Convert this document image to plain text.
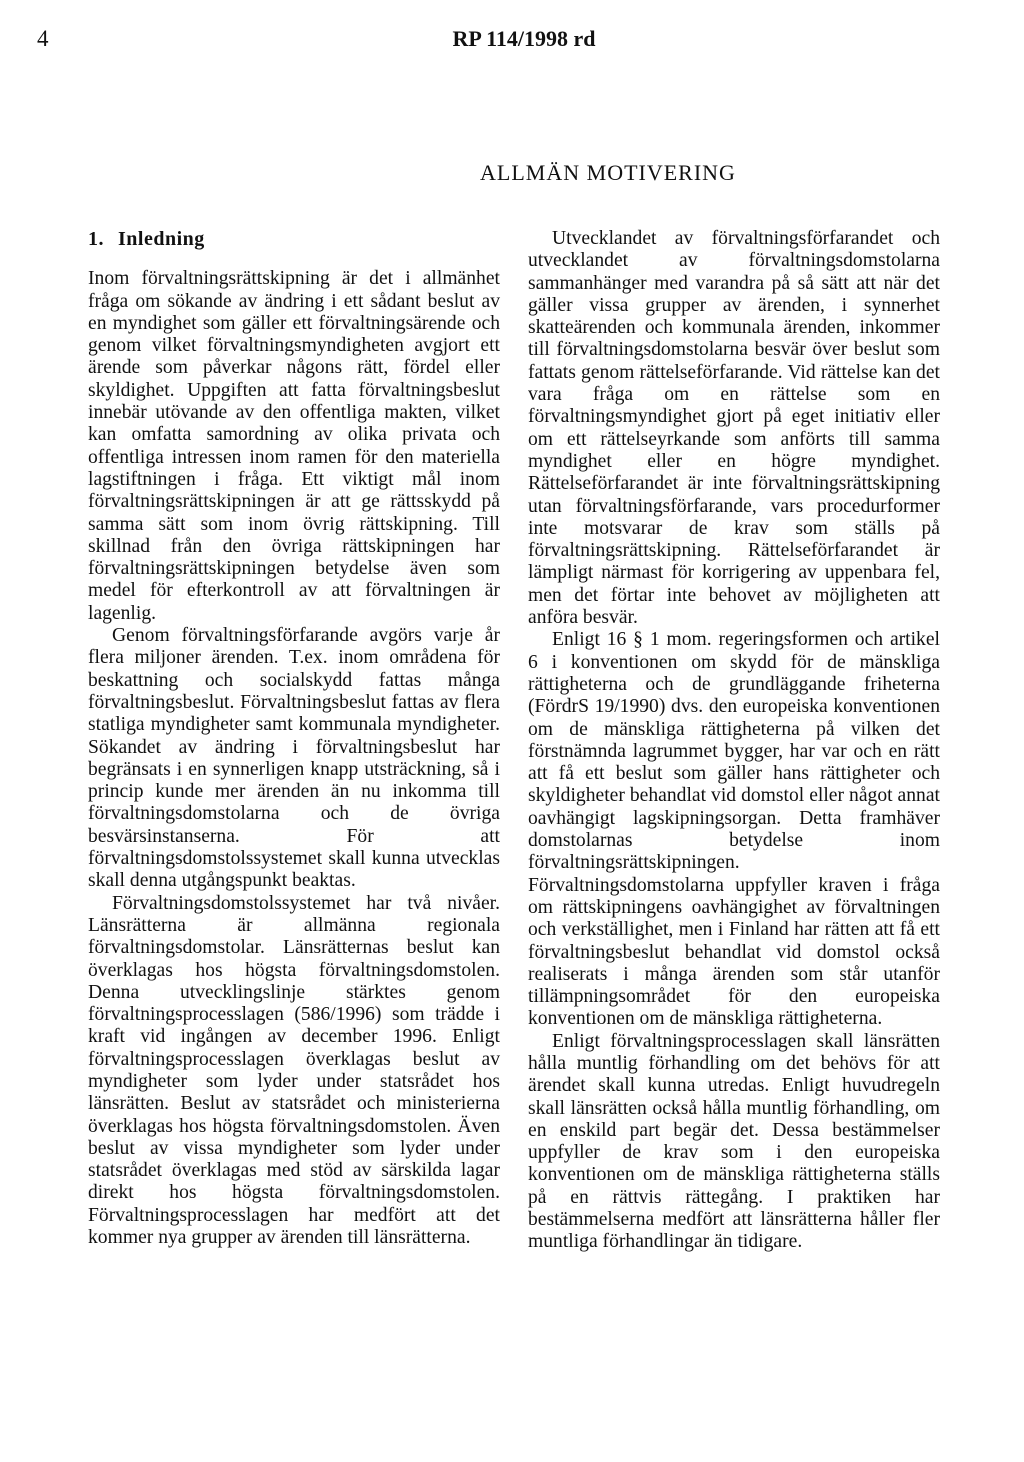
4	RP 114/1998 rd
ALLMÄN MOTIVERING
1. Inledning

Inom förvaltningsrättskipning är det i allmänhet fråga om sökande av ändring i ett sådant beslut av en myndighet som gäller ett förvaltningsärende och genom vilket förvaltningsmyndigheten avgjort ett ärende som påverkar någons rätt, fördel eller skyldighet. Uppgiften att fatta förvaltningsbeslut innebär utövande av den offentliga makten, vilket kan omfatta samordning av olika privata och offentliga intressen inom ramen för den materiella lagstiftningen i fråga. Ett viktigt mål inom förvaltningsrättskipningen är att ge rättsskydd på samma sätt som inom övrig rättskipning. Till skillnad från den övriga rättskipningen har förvaltningsrättskipningen betydelse även som medel för efterkontroll av att förvaltningen är lagenlig.

Genom förvaltningsförfarande avgörs varje år flera miljoner ärenden. T.ex. inom områdena för beskattning och socialskydd fattas många förvaltningsbeslut. Förvaltningsbeslut fattas av flera statliga myndigheter samt kommunala myndigheter. Sökandet av ändring i förvaltningsbeslut har begränsats i en synnerligen knapp utsträckning, så i princip kunde mer ärenden än nu inkomma till förvaltningsdomstolarna och de övriga besvärsinstanserna. För att förvaltningsdomstolssystemet skall kunna utvecklas skall denna utgångspunkt beaktas.

Förvaltningsdomstolssystemet har två nivåer. Länsrätterna är allmänna regionala förvaltningsdomstolar. Länsrätternas beslut kan överklagas hos högsta förvaltningsdomstolen. Denna utvecklingslinje stärktes genom förvaltningsprocesslagen (586/1996) som trädde i kraft vid ingången av december 1996. Enligt förvaltningsprocesslagen överklagas beslut av myndigheter som lyder under statsrådet hos länsrätten. Beslut av statsrådet och ministerierna överklagas hos högsta förvaltningsdomstolen. Även beslut av vissa myndigheter som lyder under statsrådet överklagas med stöd av särskilda lagar direkt hos högsta förvaltningsdomstolen. Förvaltningsprocesslagen har medfört att det kommer nya grupper av ärenden till länsrätterna.

Utvecklandet av förvaltningsförfarandet och utvecklandet av förvaltningsdomstolarna sammanhänger med varandra på så sätt att när det gäller vissa grupper av ärenden, i synnerhet skatteärenden och kommunala ärenden, inkommer till förvaltningsdomstolarna besvär över beslut som fattats genom rättelseförfarande. Vid rättelse kan det vara fråga om en rättelse som en förvaltningsmyndighet gjort på eget initiativ eller om ett rättelseyrkande som anförts till samma myndighet eller en högre myndighet. Rättelseförfarandet är inte förvaltningsrättskipning utan förvaltningsförfarande, vars procedurformer inte motsvarar de krav som ställs på förvaltningsrättskipning. Rättelseförfarandet är lämpligt närmast för korrigering av uppenbara fel, men det förtar inte behovet av möjligheten att anföra besvär.

Enligt 16 § 1 mom. regeringsformen och artikel 6 i konventionen om skydd för de mänskliga rättigheterna och de grundläggande friheterna (FördrS 19/1990) dvs. den europeiska konventionen om de mänskliga rättigheterna på vilken det förstnämnda lagrummet bygger, har var och en rätt att få ett beslut som gäller hans rättigheter och skyldigheter behandlat vid domstol eller något annat oavhängigt lagskipningsorgan. Detta framhäver domstolarnas betydelse inom förvaltningsrättskipningen. Förvaltningsdomstolarna uppfyller kraven i fråga om rättskipningens oavhängighet av förvaltningen och verkställighet, men i Finland har rätten att få ett förvaltningsbeslut behandlat vid domstol också realiserats i många ärenden som står utanför tillämpningsområdet för den europeiska konventionen om de mänskliga rättigheterna.

Enligt förvaltningsprocesslagen skall länsrätten hålla muntlig förhandling om det behövs för att ärendet skall kunna utredas. Enligt huvudregeln skall länsrätten också hålla muntlig förhandling, om en enskild part begär det. Dessa bestämmelser uppfyller de krav som i den europeiska konventionen om de mänskliga rättigheterna ställs på en rättvis rättegång. I praktiken har bestämmelserna medfört att länsrätterna håller fler muntliga förhandlingar än tidigare.
